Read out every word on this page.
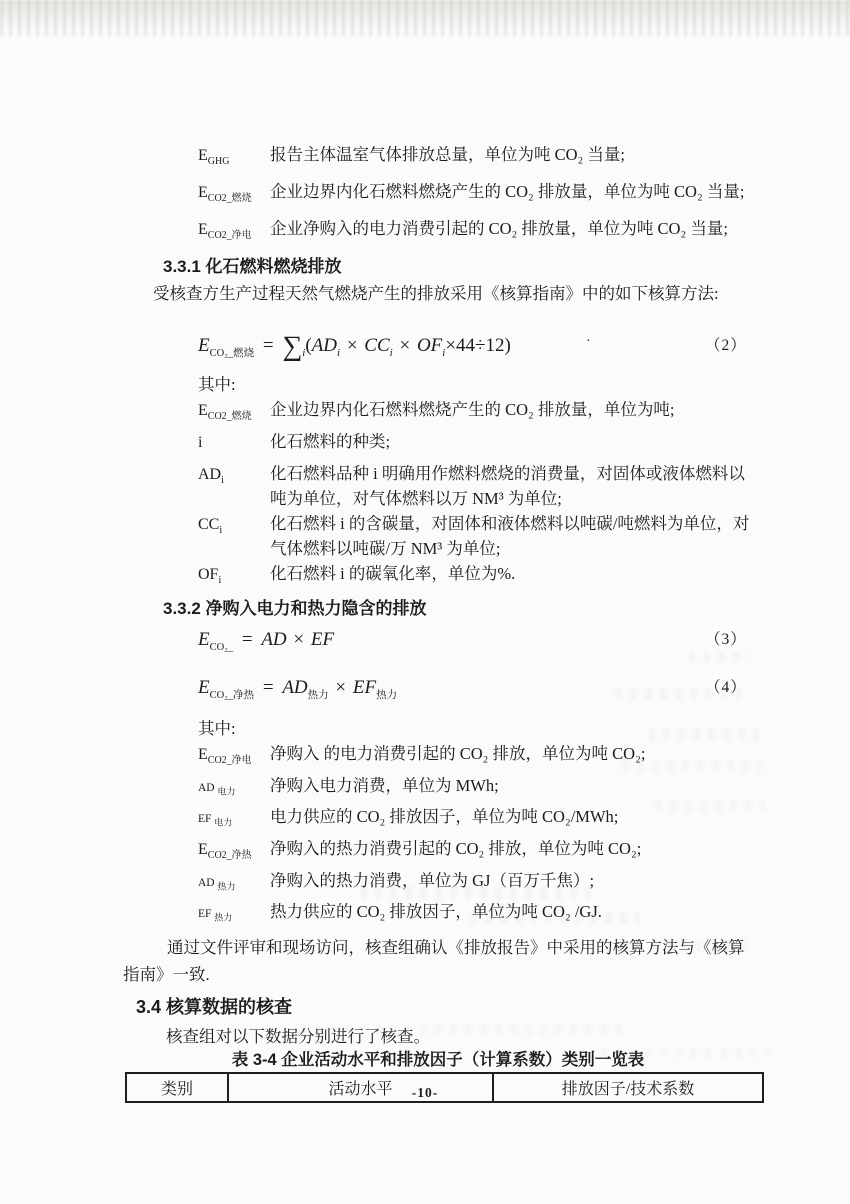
$E_{GHG}$	报告主体温室气体排放总量，单位为吨 CO₂ 当量;
$E_{CO2\_燃烧}$	企业边界内化石燃料燃烧产生的 CO₂ 排放量，单位为吨 CO₂ 当量;
$E_{CO2\_净电}$	企业净购入的电力消费引起的 CO₂ 排放量，单位为吨 CO₂ 当量;
3.3.1 化石燃料燃烧排放
受核查方生产过程天然气燃烧产生的排放采用《核算指南》中的如下核算方法:
$E_{CO_2\_燃烧} = \sum_i(AD_i \times CC_i \times OF_i\times 44\div 12)$	·	（2）
其中:
$E_{CO2\_燃烧}$	企业边界内化石燃料燃烧产生的 CO₂ 排放量，单位为吨;
i	化石燃料的种类;
$AD_i$	化石燃料品种 i 明确用作燃料燃烧的消费量，对固体或液体燃料以吨为单位，对气体燃料以万 NM³ 为单位;
$CC_i$	化石燃料 i 的含碳量，对固体和液体燃料以吨碳/吨燃料为单位，对气体燃料以吨碳/万 NM³ 为单位;
$OF_i$	化石燃料 i 的碳氧化率，单位为%.
3.3.2 净购入电力和热力隐含的排放
$E_{CO_2\_}$ = AD × EF	（3）
$E_{CO_2\_净热} = AD_{热力} \times EF_{热力}$	（4）
其中:
$E_{CO2\_净电}$	净购入 的电力消费引起的 CO₂ 排放，单位为吨 CO₂;
AD $_{电力}$	净购入电力消费，单位为 MWh;
EF $_{电力}$	电力供应的 CO₂ 排放因子，单位为吨 CO₂/MWh;
$E_{CO2\_净热}$	净购入的热力消费引起的 CO₂ 排放，单位为吨 CO₂;
AD $_{热力}$	净购入的热力消费，单位为 GJ（百万千焦）;
EF $_{热力}$	热力供应的 CO₂ 排放因子，单位为吨 CO₂ /GJ.
通过文件评审和现场访问，核查组确认《排放报告》中采用的核算方法与《核算指南》一致.
3.4 核算数据的核查
核查组对以下数据分别进行了核查。
表 3-4 企业活动水平和排放因子（计算系数）类别一览表
类别	活动水平	排放因子/技术系数
-10-
